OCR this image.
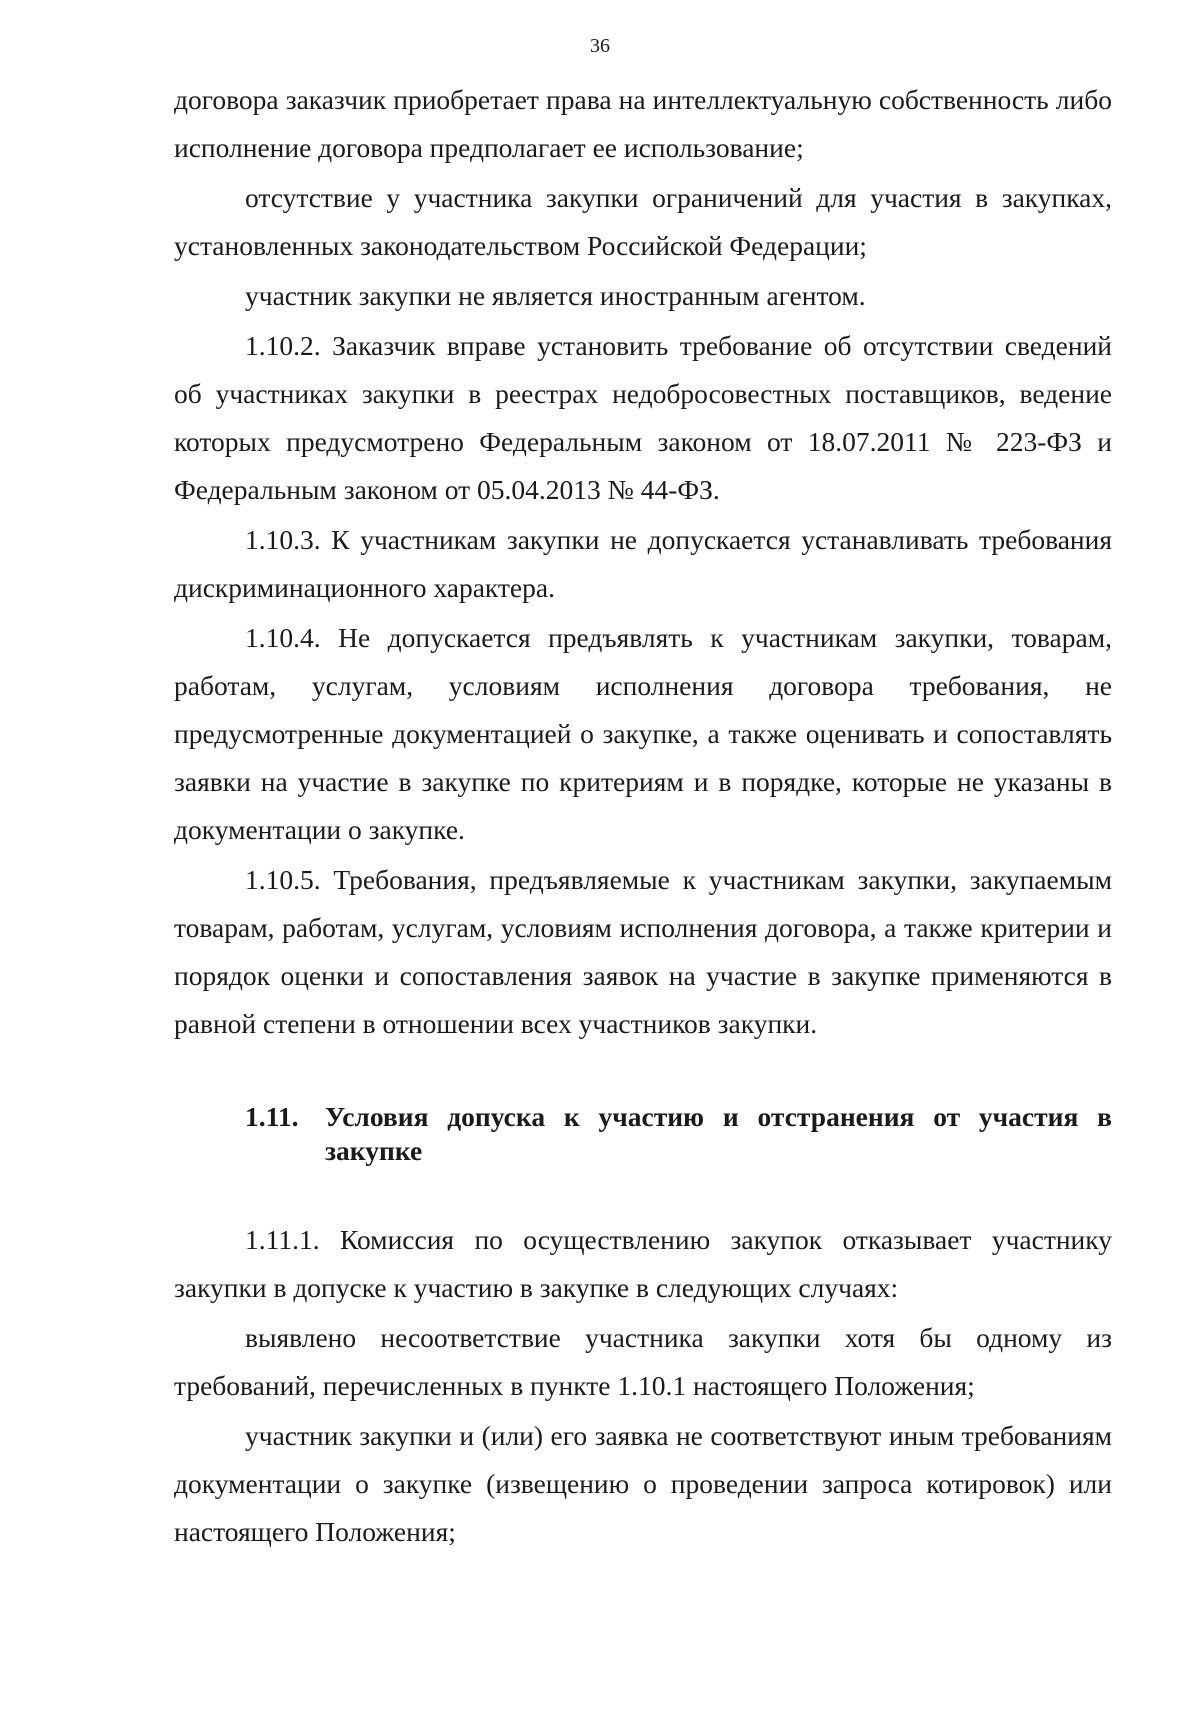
36

договора заказчик приобретает права на интеллектуальную собственность либо исполнение договора предполагает ее использование;

отсутствие у участника закупки ограничений для участия в закупках, установленных законодательством Российской Федерации;

участник закупки не является иностранным агентом.

1.10.2. Заказчик вправе установить требование об отсутствии сведений об участниках закупки в реестрах недобросовестных поставщиков, ведение которых предусмотрено Федеральным законом от 18.07.2011 № 223-ФЗ и Федеральным законом от 05.04.2013 № 44-ФЗ.

1.10.3. К участникам закупки не допускается устанавливать требования дискриминационного характера.

1.10.4. Не допускается предъявлять к участникам закупки, товарам, работам, услугам, условиям исполнения договора требования, не предусмотренные документацией о закупке, а также оценивать и сопоставлять заявки на участие в закупке по критериям и в порядке, которые не указаны в документации о закупке.

1.10.5. Требования, предъявляемые к участникам закупки, закупаемым товарам, работам, услугам, условиям исполнения договора, а также критерии и порядок оценки и сопоставления заявок на участие в закупке применяются в равной степени в отношении всех участников закупки.

1.11. Условия допуска к участию и отстранения от участия в закупке

1.11.1. Комиссия по осуществлению закупок отказывает участнику закупки в допуске к участию в закупке в следующих случаях:

выявлено несоответствие участника закупки хотя бы одному из требований, перечисленных в пункте 1.10.1 настоящего Положения;

участник закупки и (или) его заявка не соответствуют иным требованиям документации о закупке (извещению о проведении запроса котировок) или настоящего Положения;
